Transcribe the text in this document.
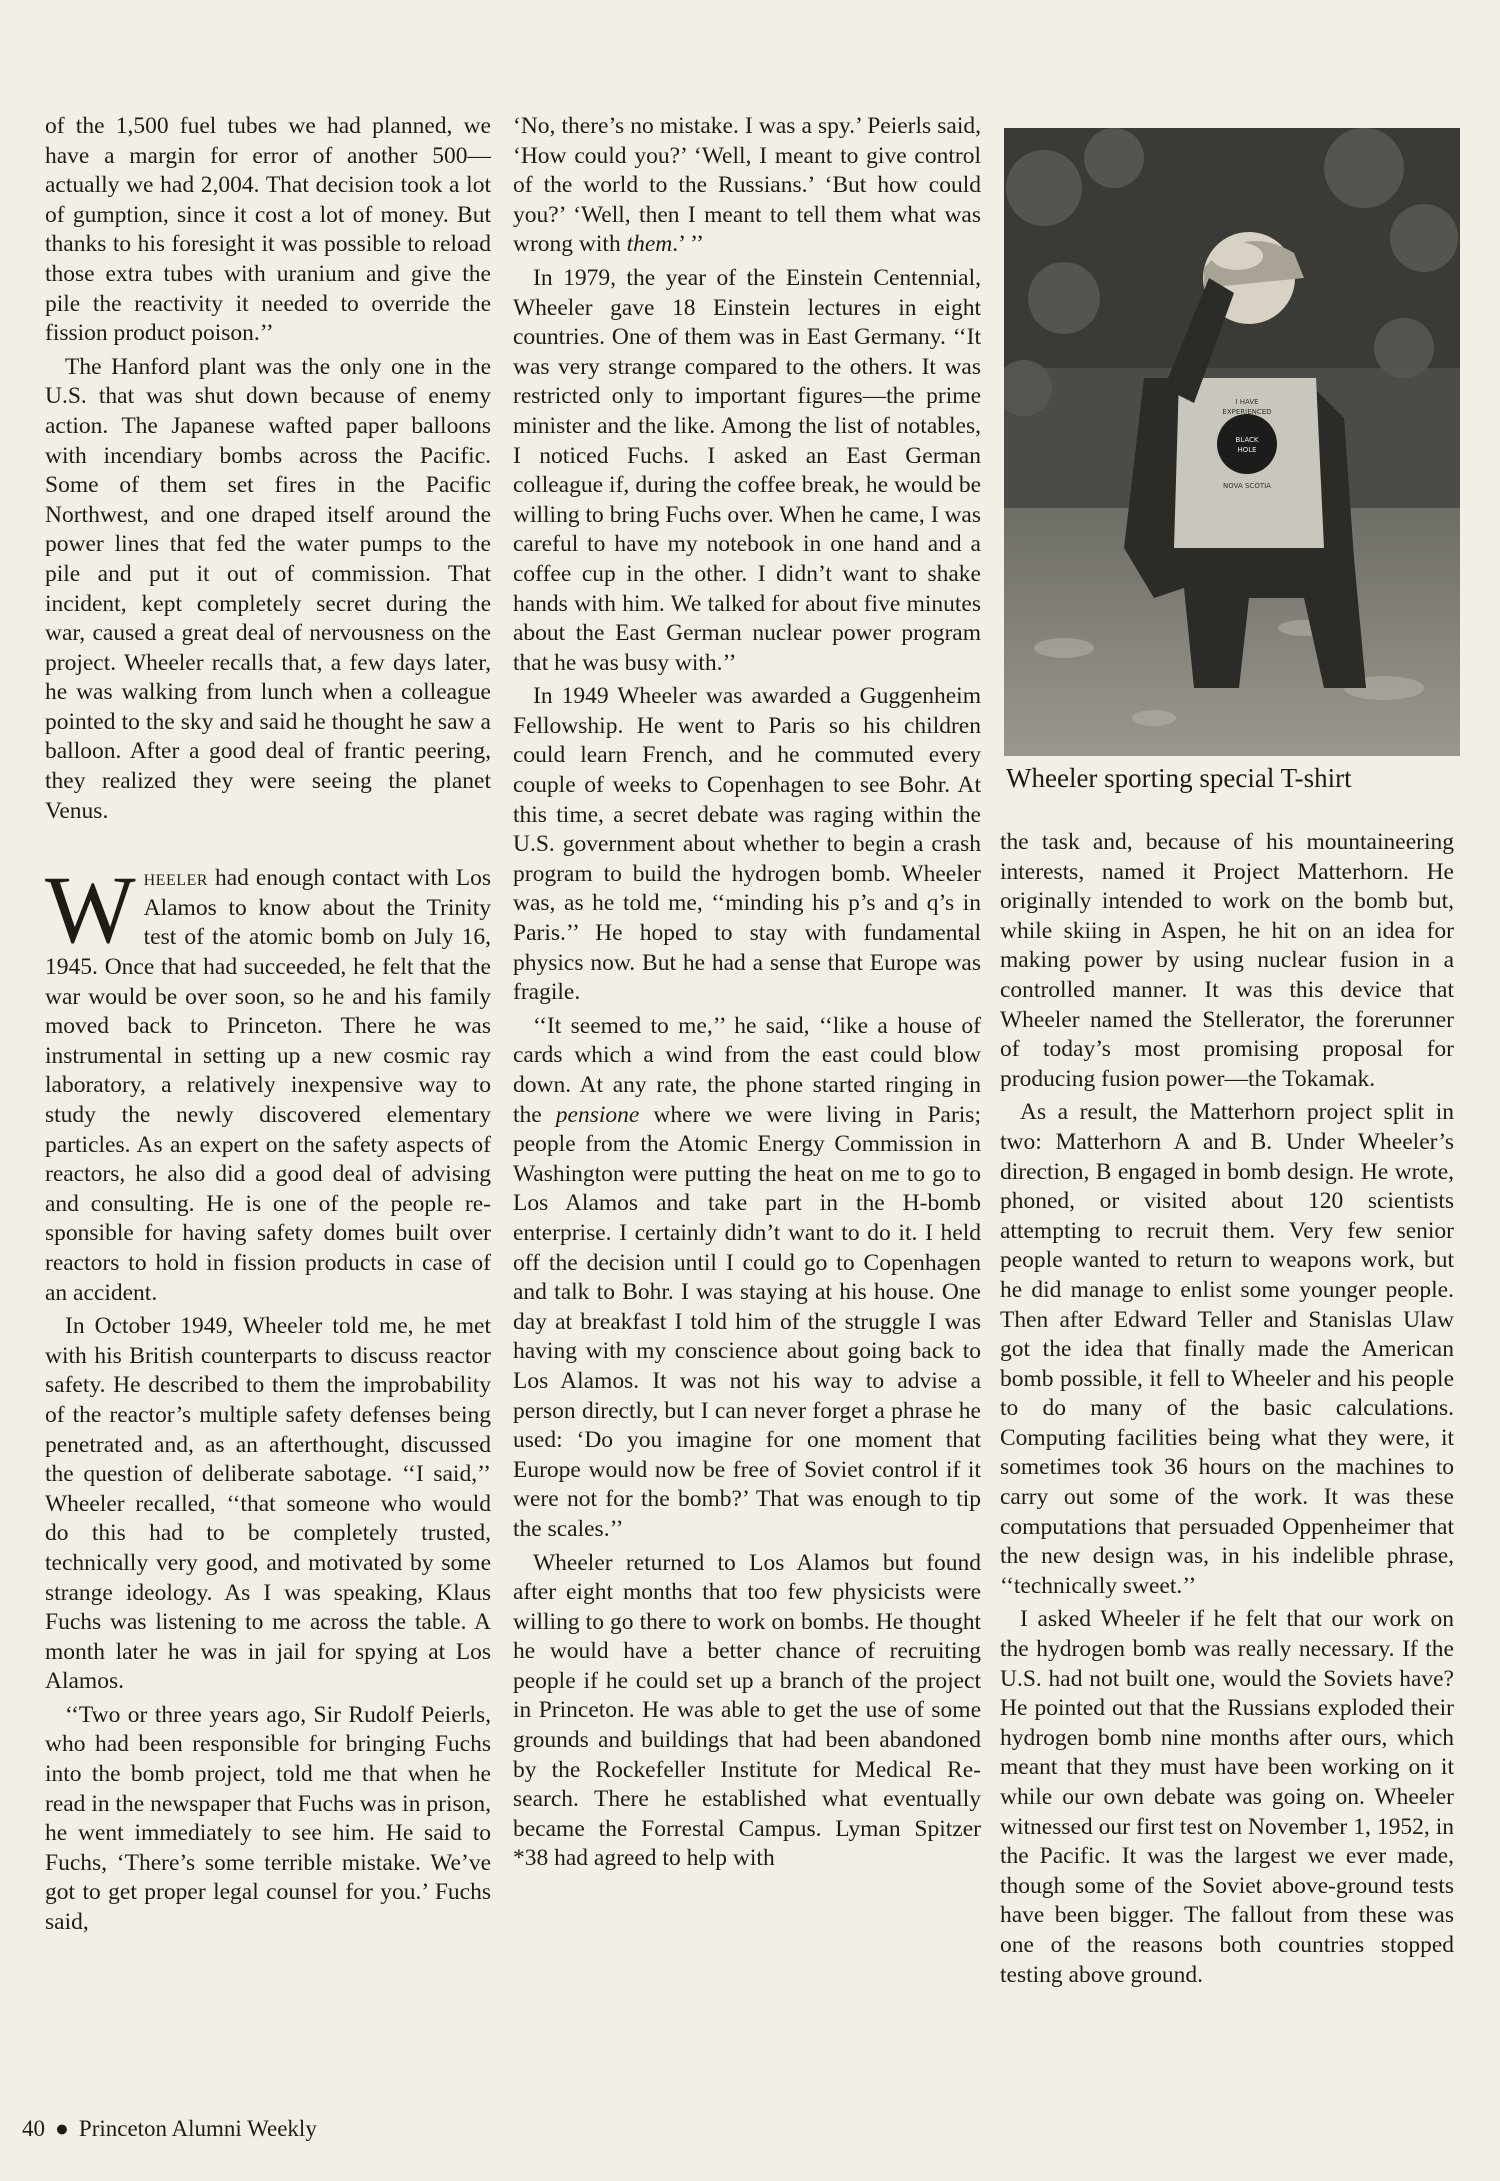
of the 1,500 fuel tubes we had planned, we have a margin for error of another 500—actually we had 2,004. That decision took a lot of gumption, since it cost a lot of money. But thanks to his foresight it was possible to reload those extra tubes with uranium and give the pile the reactivity it needed to override the fission product poison.’’

The Hanford plant was the only one in the U.S. that was shut down because of enemy action. The Japanese wafted paper balloons with incendiary bombs across the Pacific. Some of them set fires in the Pacific Northwest, and one draped itself around the power lines that fed the water pumps to the pile and put it out of commission. That incident, kept completely secret during the war, caused a great deal of nervousness on the project. Wheeler recalls that, a few days later, he was walking from lunch when a colleague pointed to the sky and said he thought he saw a balloon. After a good deal of frantic peering, they realized they were seeing the planet Venus.

Wheeler had enough contact with Los Alamos to know about the Trinity test of the atomic bomb on July 16, 1945. Once that had succeeded, he felt that the war would be over soon, so he and his family moved back to Princeton. There he was instrumental in setting up a new cosmic ray laboratory, a relatively inexpensive way to study the newly discovered elementary particles. As an expert on the safety aspects of reactors, he also did a good deal of advising and consulting. He is one of the people responsible for having safety domes built over reactors to hold in fission products in case of an accident.

In October 1949, Wheeler told me, he met with his British counterparts to discuss reactor safety. He described to them the improbability of the reactor’s multiple safety defenses being penetrated and, as an afterthought, discussed the question of deliberate sabotage. ‘‘I said,’’ Wheeler recalled, ‘‘that someone who would do this had to be completely trusted, technically very good, and motivated by some strange ideology. As I was speaking, Klaus Fuchs was listening to me across the table. A month later he was in jail for spying at Los Alamos.

‘‘Two or three years ago, Sir Rudolf Peierls, who had been responsible for bringing Fuchs into the bomb project, told me that when he read in the newspaper that Fuchs was in prison, he went immediately to see him. He said to Fuchs, ‘There’s some terrible mistake. We’ve got to get proper legal counsel for you.’ Fuchs said,

‘No, there’s no mistake. I was a spy.’ Peierls said, ‘How could you?’ ‘Well, I meant to give control of the world to the Russians.’ ‘But how could you?’ ‘Well, then I meant to tell them what was wrong with them.’ ’’

In 1979, the year of the Einstein Centennial, Wheeler gave 18 Einstein lectures in eight countries. One of them was in East Germany. ‘‘It was very strange compared to the others. It was restricted only to important figures—the prime minister and the like. Among the list of notables, I noticed Fuchs. I asked an East German colleague if, during the coffee break, he would be willing to bring Fuchs over. When he came, I was careful to have my notebook in one hand and a coffee cup in the other. I didn’t want to shake hands with him. We talked for about five minutes about the East German nuclear power program that he was busy with.’’

In 1949 Wheeler was awarded a Guggenheim Fellowship. He went to Paris so his children could learn French, and he commuted every couple of weeks to Copenhagen to see Bohr. At this time, a secret debate was raging within the U.S. government about whether to begin a crash program to build the hydrogen bomb. Wheeler was, as he told me, ‘‘minding his p’s and q’s in Paris.’’ He hoped to stay with fundamental physics now. But he had a sense that Europe was fragile.

‘‘It seemed to me,’’ he said, ‘‘like a house of cards which a wind from the east could blow down. At any rate, the phone started ringing in the pensione where we were living in Paris; people from the Atomic Energy Commission in Washington were putting the heat on me to go to Los Alamos and take part in the H-bomb enterprise. I certainly didn’t want to do it. I held off the decision until I could go to Copenhagen and talk to Bohr. I was staying at his house. One day at breakfast I told him of the struggle I was having with my conscience about going back to Los Alamos. It was not his way to advise a person directly, but I can never forget a phrase he used: ‘Do you imagine for one moment that Europe would now be free of Soviet control if it were not for the bomb?’ That was enough to tip the scales.’’

Wheeler returned to Los Alamos but found after eight months that too few physicists were willing to go there to work on bombs. He thought he would have a better chance of recruiting people if he could set up a branch of the project in Princeton. He was able to get the use of some grounds and buildings that had been abandoned by the Rockefeller Institute for Medical Research. There he established what eventually became the Forrestal Campus. Lyman Spitzer *38 had agreed to help with

I HAVE
EXPERIENCED
BLACK
HOLE
NOVA SCOTIA
Wheeler sporting special T-shirt

the task and, because of his mountaineering interests, named it Project Matterhorn. He originally intended to work on the bomb but, while skiing in Aspen, he hit on an idea for making power by using nuclear fusion in a controlled manner. It was this device that Wheeler named the Stellerator, the forerunner of today’s most promising proposal for producing fusion power—the Tokamak.

As a result, the Matterhorn project split in two: Matterhorn A and B. Under Wheeler’s direction, B engaged in bomb design. He wrote, phoned, or visited about 120 scientists attempting to recruit them. Very few senior people wanted to return to weapons work, but he did manage to enlist some younger people. Then after Edward Teller and Stanislas Ulaw got the idea that finally made the American bomb possible, it fell to Wheeler and his people to do many of the basic calculations. Computing facilities being what they were, it sometimes took 36 hours on the machines to carry out some of the work. It was these computations that persuaded Oppenheimer that the new design was, in his indelible phrase, ‘‘technically sweet.’’

I asked Wheeler if he felt that our work on the hydrogen bomb was really necessary. If the U.S. had not built one, would the Soviets have? He pointed out that the Russians exploded their hydrogen bomb nine months after ours, which meant that they must have been working on it while our own debate was going on. Wheeler witnessed our first test on November 1, 1952, in the Pacific. It was the largest we ever made, though some of the Soviet above-ground tests have been bigger. The fallout from these was one of the reasons both countries stopped testing above ground.

40 ● Princeton Alumni Weekly
